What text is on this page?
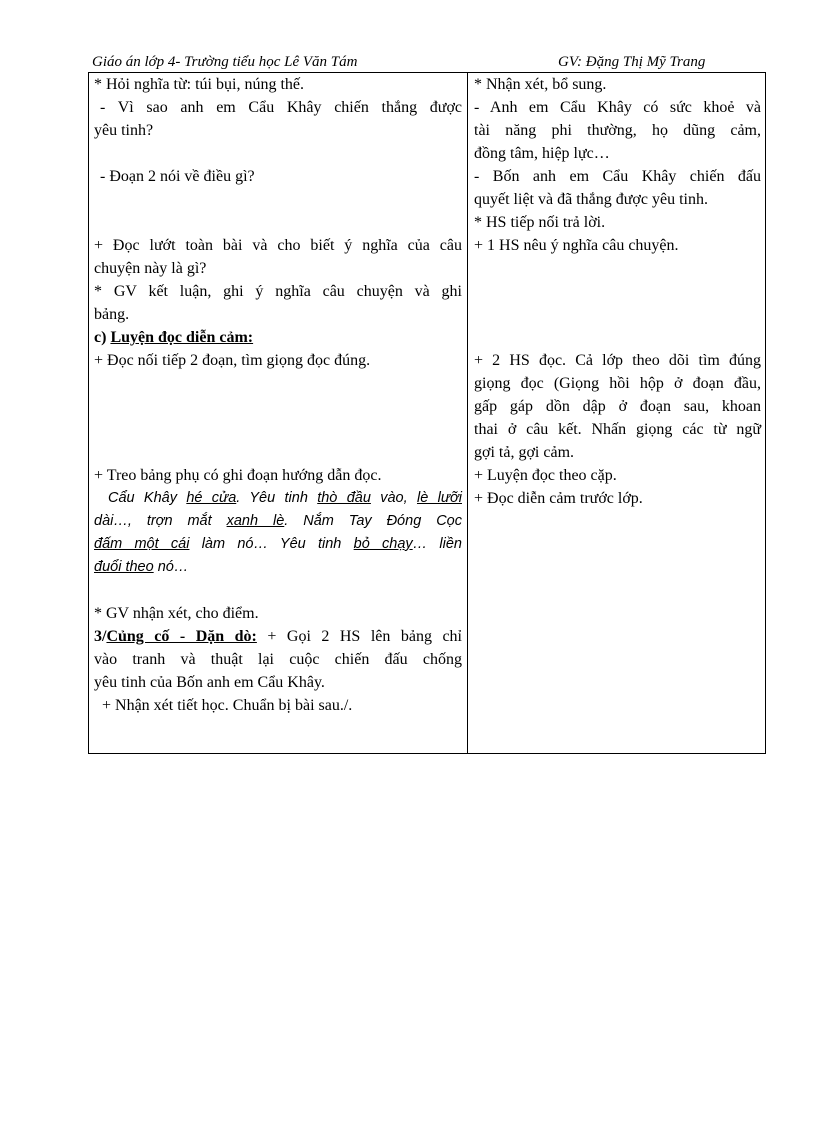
Giáo án lớp 4- Trường tiểu học Lê Văn Tám	GV: Đặng Thị Mỹ Trang
* Hỏi nghĩa từ: túi bụi, núng thế.
- Vì sao anh em Cẩu Khây chiến thắng được
yêu tinh?
- Đoạn 2 nói về điều gì?
+ Đọc lướt toàn bài và cho biết ý nghĩa của câu
chuyện này là gì?
* GV kết luận, ghi ý nghĩa câu chuyện và ghi
bảng.
c) Luyện đọc diễn cảm:
+ Đọc nối tiếp 2 đoạn, tìm giọng đọc đúng.
+ Treo bảng phụ có ghi đoạn hướng dẫn đọc.
Cẩu Khây hé cửa. Yêu tinh thò đầu vào, lè lưỡi
dài…, trợn mắt xanh lè. Nắm Tay Đóng Cọc
đấm một cái làm nó… Yêu tinh bỏ chạy… liền
đuổi theo nó…
* GV nhận xét, cho điểm.
3/Củng cố - Dặn dò: + Gọi 2 HS lên bảng chỉ
vào tranh và thuật lại cuộc chiến đấu chống
yêu tinh của Bốn anh em Cẩu Khây.
+ Nhận xét tiết học. Chuẩn bị bài sau./.
* Nhận xét, bổ sung.
- Anh em Cẩu Khây có sức khoẻ và
tài năng phi thường, họ dũng cảm,
đồng tâm, hiệp lực…
- Bốn anh em Cẩu Khây chiến đấu
quyết liệt và đã thắng được yêu tinh.
* HS tiếp nối trả lời.
+ 1 HS nêu ý nghĩa câu chuyện.
+ 2 HS đọc. Cả lớp theo dõi tìm đúng
giọng đọc (Giọng hồi hộp ở đoạn đầu,
gấp gáp dồn dập ở đoạn sau, khoan
thai ở câu kết. Nhấn giọng các từ ngữ
gợi tả, gợi cảm.
+ Luyện đọc theo cặp.
+ Đọc diễn cảm trước lớp.
